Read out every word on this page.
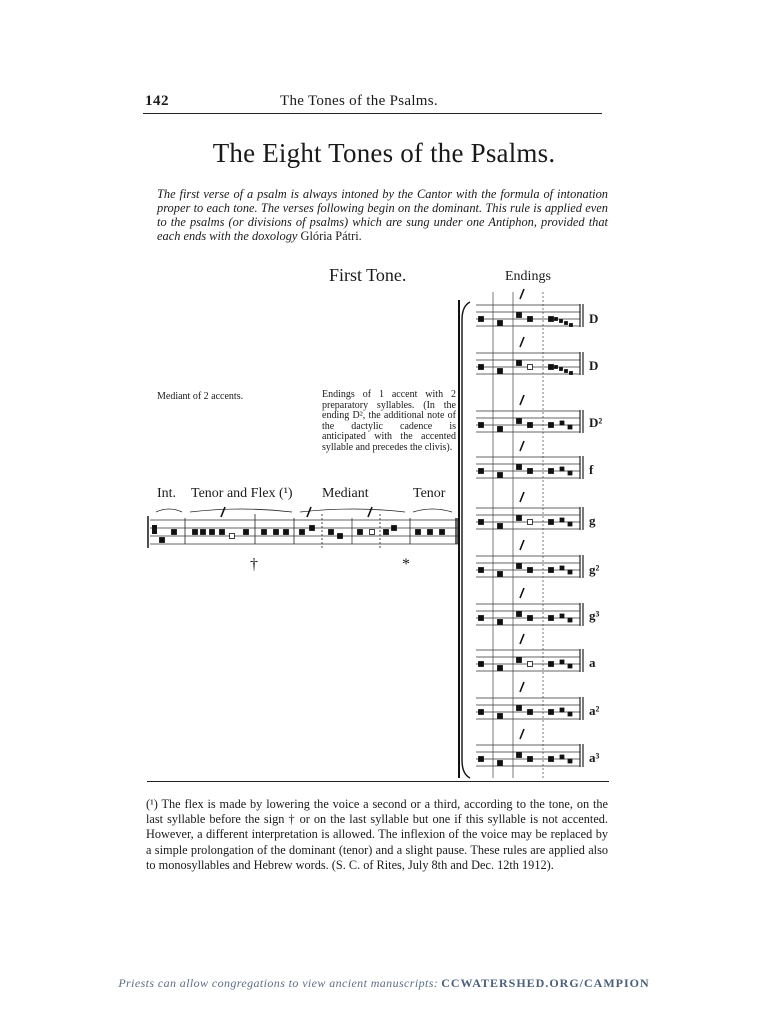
142	The Tones of the Psalms.
The Eight Tones of the Psalms.
The first verse of a psalm is always intoned by the Cantor with the formula of intonation proper to each tone. The verses following begin on the dominant. This rule is applied even to the psalms (or divisions of psalms) which are sung under one Antiphon, provided that each ends with the doxology Glória Pátri.
First Tone.	Endings
Mediant of 2 accents.	Endings of 1 accent with 2 preparatory syllables. (In the ending D², the additional note of the dactylic cadence is anticipated with the accented syllable and precedes the clivis).
Int. Tenor and Flex (¹) Mediant	Tenor
†	*
D
D
D²
f
g
g²
g³
a
a²
a³
(¹) The flex is made by lowering the voice a second or a third, according to the tone, on the last syllable before the sign † or on the last syllable but one if this syllable is not accented. However, a different interpretation is allowed. The inflexion of the voice may be replaced by a simple prolongation of the dominant (tenor) and a slight pause. These rules are applied also to monosyllables and Hebrew words. (S. C. of Rites, July 8th and Dec. 12th 1912).
Priests can allow congregations to view ancient manuscripts: CCWATERSHED.ORG/CAMPION
